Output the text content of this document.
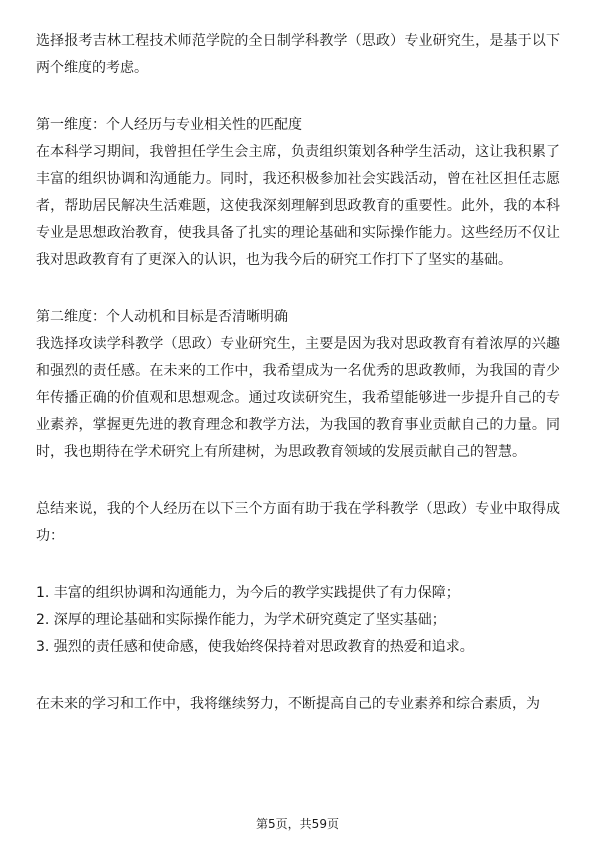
选择报考吉林工程技术师范学院的全日制学科教学（思政）专业研究生，是基于以下两个维度的考虑。

第一维度：个人经历与专业相关性的匹配度

在本科学习期间，我曾担任学生会主席，负责组织策划各种学生活动，这让我积累了丰富的组织协调和沟通能力。同时，我还积极参加社会实践活动，曾在社区担任志愿者，帮助居民解决生活难题，这使我深刻理解到思政教育的重要性。此外，我的本科专业是思想政治教育，使我具备了扎实的理论基础和实际操作能力。这些经历不仅让我对思政教育有了更深入的认识，也为我今后的研究工作打下了坚实的基础。

第二维度：个人动机和目标是否清晰明确

我选择攻读学科教学（思政）专业研究生，主要是因为我对思政教育有着浓厚的兴趣和强烈的责任感。在未来的工作中，我希望成为一名优秀的思政教师，为我国的青少年传播正确的价值观和思想观念。通过攻读研究生，我希望能够进一步提升自己的专业素养，掌握更先进的教育理念和教学方法，为我国的教育事业贡献自己的力量。同时，我也期待在学术研究上有所建树，为思政教育领域的发展贡献自己的智慧。

总结来说，我的个人经历在以下三个方面有助于我在学科教学（思政）专业中取得成功：

1. 丰富的组织协调和沟通能力，为今后的教学实践提供了有力保障；

2. 深厚的理论基础和实际操作能力，为学术研究奠定了坚实基础；

3. 强烈的责任感和使命感，使我始终保持着对思政教育的热爱和追求。

在未来的学习和工作中，我将继续努力，不断提高自己的专业素养和综合素质，为

第5页，共59页
